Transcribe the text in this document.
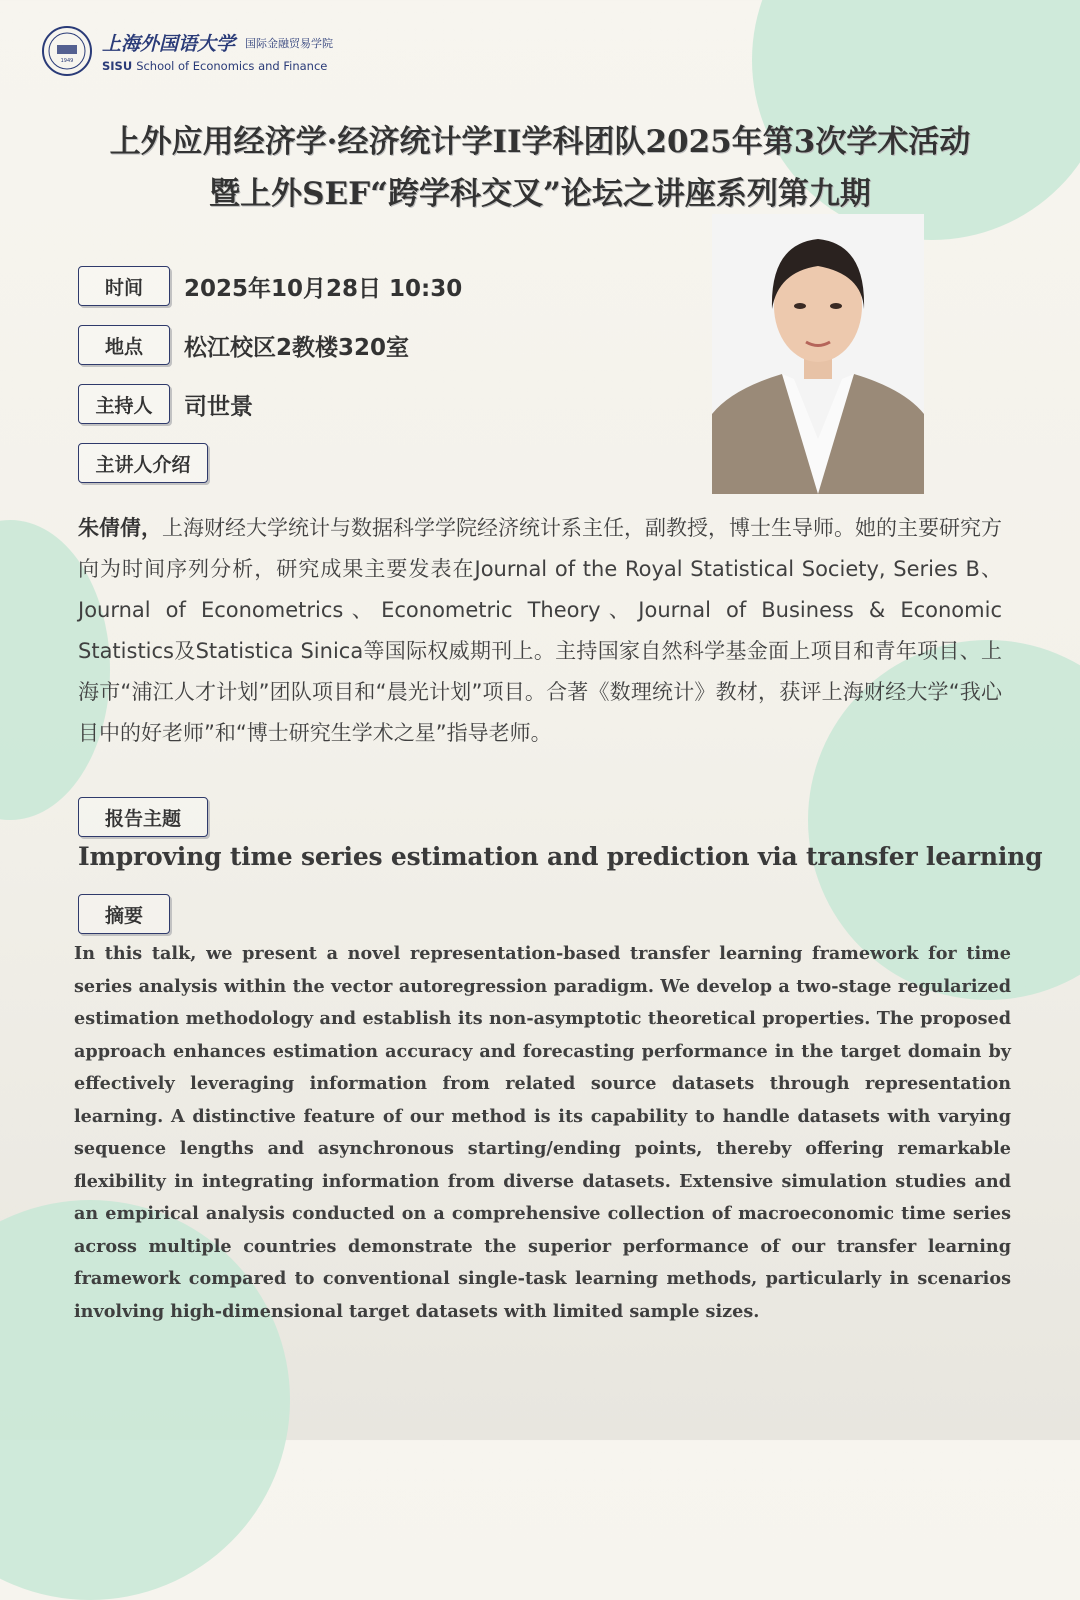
1949
上海外国语大学 国际金融贸易学院
SISU School of Economics and Finance
上外应用经济学·经济统计学II学科团队2025年第3次学术活动
暨上外SEF“跨学科交叉”论坛之讲座系列第九期
时间	2025年10月28日 10:30
地点	松江校区2教楼320室
主持人	司世景
主讲人介绍
朱倩倩，上海财经大学统计与数据科学学院经济统计系主任，副教授，博士生导师。她的主要研究方向为时间序列分析，研究成果主要发表在Journal of the Royal Statistical Society, Series B、Journal of Econometrics、Econometric Theory、Journal of Business & Economic Statistics及Statistica Sinica等国际权威期刊上。主持国家自然科学基金面上项目和青年项目、上海市“浦江人才计划”团队项目和“晨光计划”项目。合著《数理统计》教材，获评上海财经大学“我心目中的好老师”和“博士研究生学术之星”指导老师。
报告主题
Improving time series estimation and prediction via transfer learning
摘要
In this talk, we present a novel representation-based transfer learning framework for time series analysis within the vector autoregression paradigm. We develop a two-stage regularized estimation methodology and establish its non-asymptotic theoretical properties. The proposed approach enhances estimation accuracy and forecasting performance in the target domain by effectively leveraging information from related source datasets through representation learning. A distinctive feature of our method is its capability to handle datasets with varying sequence lengths and asynchronous starting/ending points, thereby offering remarkable flexibility in integrating information from diverse datasets. Extensive simulation studies and an empirical analysis conducted on a comprehensive collection of macroeconomic time series across multiple countries demonstrate the superior performance of our transfer learning framework compared to conventional single-task learning methods, particularly in scenarios involving high-dimensional target datasets with limited sample sizes.
